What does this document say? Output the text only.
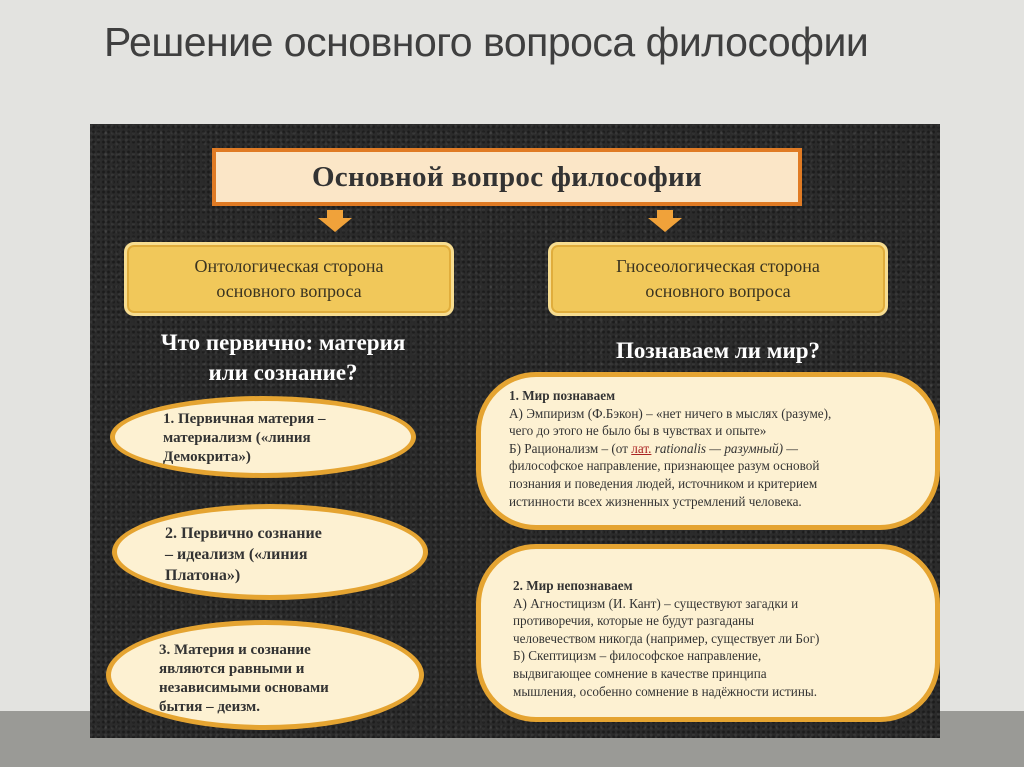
Решение основного вопроса философии
Основной вопрос философии
Онтологическая сторона
основного вопроса
Гносеологическая сторона
основного вопроса
Что первично: материя
или сознание?
Познаваем ли мир?
1. Первичная материя –
материализм («линия
Демокрита»)
2. Первично сознание
– идеализм («линия
Платона»)
3. Материя и сознание
являются равными и
независимыми основами
бытия – деизм.
1. Мир познаваем
А) Эмпиризм (Ф.Бэкон) – «нет ничего в мыслях (разуме),
чего до этого не было бы в чувствах и опыте»
Б) Рационализм – (от лат. rationalis — разумный) —
философское направление, признающее разум основой
познания и поведения людей, источником и критерием
истинности всех жизненных устремлений человека.
2. Мир непознаваем
А) Агностицизм (И. Кант) – существуют загадки и
противоречия, которые не будут разгаданы
человечеством никогда (например, существует ли Бог)
Б) Скептицизм – философское направление,
выдвигающее сомнение в качестве принципа
мышления, особенно сомнение в надёжности истины.
